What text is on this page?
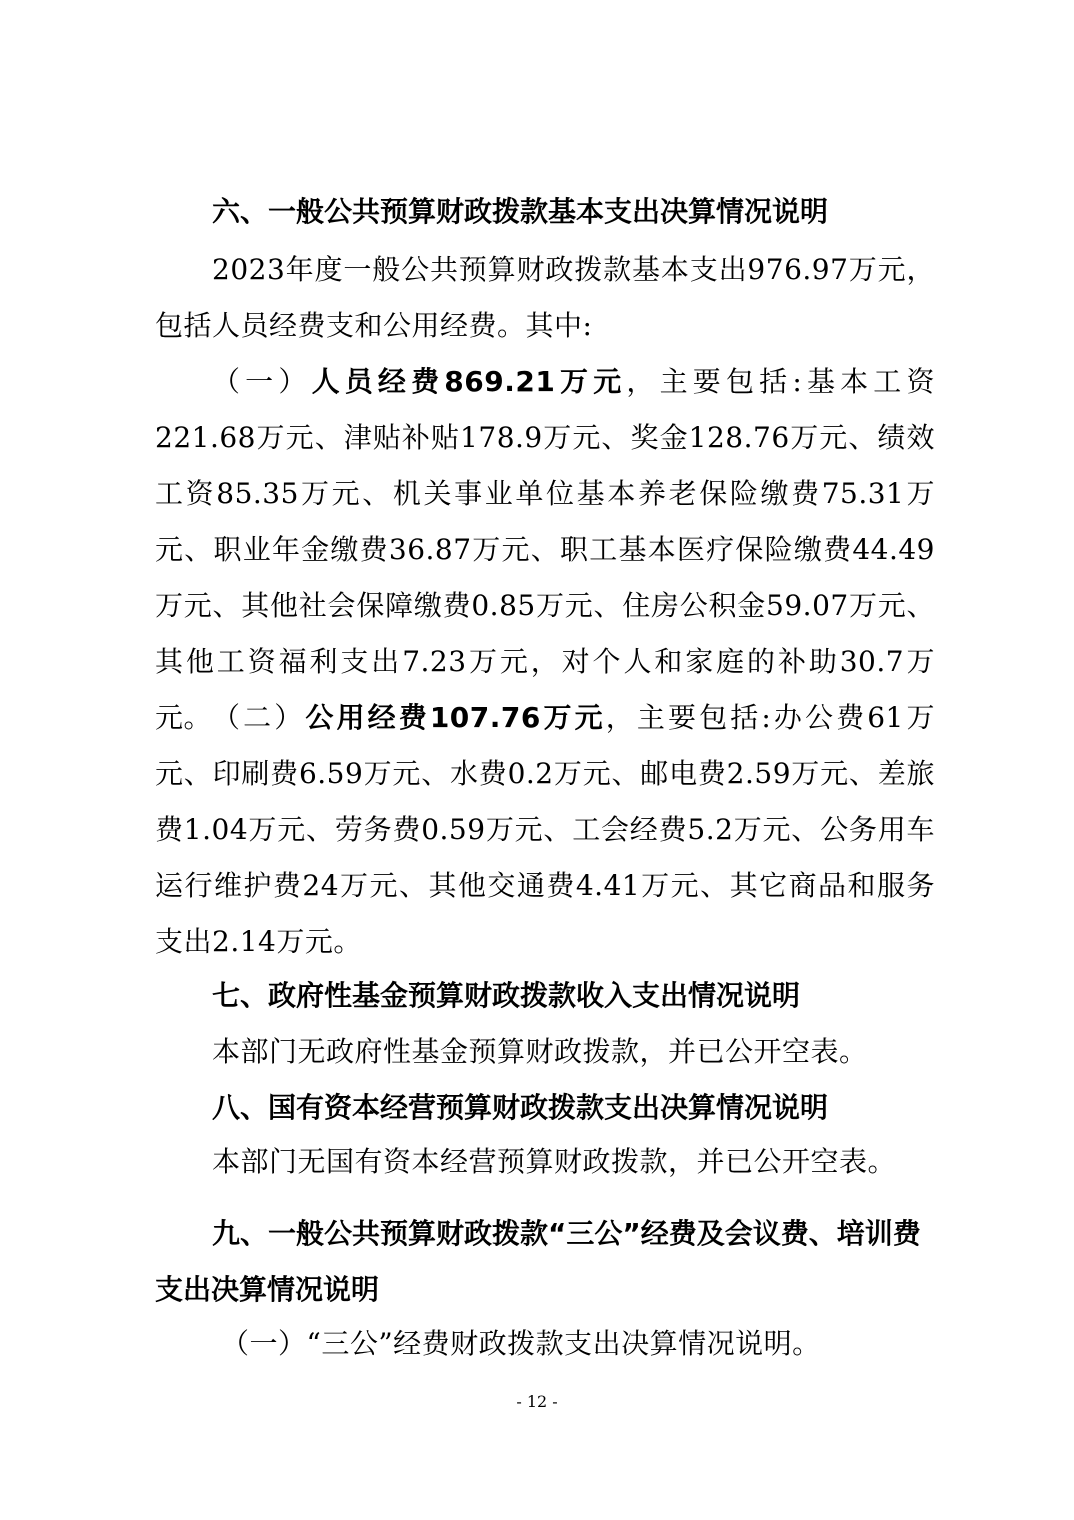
六、一般公共预算财政拨款基本支出决算情况说明

2023年度一般公共预算财政拨款基本支出976.97万元，包括人员经费支和公用经费。其中:

（一）人员经费869.21万元，主要包括:基本工资221.68万元、津贴补贴178.9万元、奖金128.76万元、绩效工资85.35万元、机关事业单位基本养老保险缴费75.31万元、职业年金缴费36.87万元、职工基本医疗保险缴费44.49万元、其他社会保障缴费0.85万元、住房公积金59.07万元、其他工资福利支出7.23万元，对个人和家庭的补助30.7万元。 （二）公用经费107.76万元，主要包括:办公费61万元、印刷费6.59万元、水费0.2万元、邮电费2.59万元、差旅费1.04万元、劳务费0.59万元、工会经费5.2万元、公务用车运行维护费24万元、其他交通费4.41万元、其它商品和服务支出2.14万元。

七、政府性基金预算财政拨款收入支出情况说明

本部门无政府性基金预算财政拨款，并已公开空表。

八、国有资本经营预算财政拨款支出决算情况说明

本部门无国有资本经营预算财政拨款，并已公开空表。

九、一般公共预算财政拨款“三公”经费及会议费、培训费支出决算情况说明

（一）“三公”经费财政拨款支出决算情况说明。

- 12 -
